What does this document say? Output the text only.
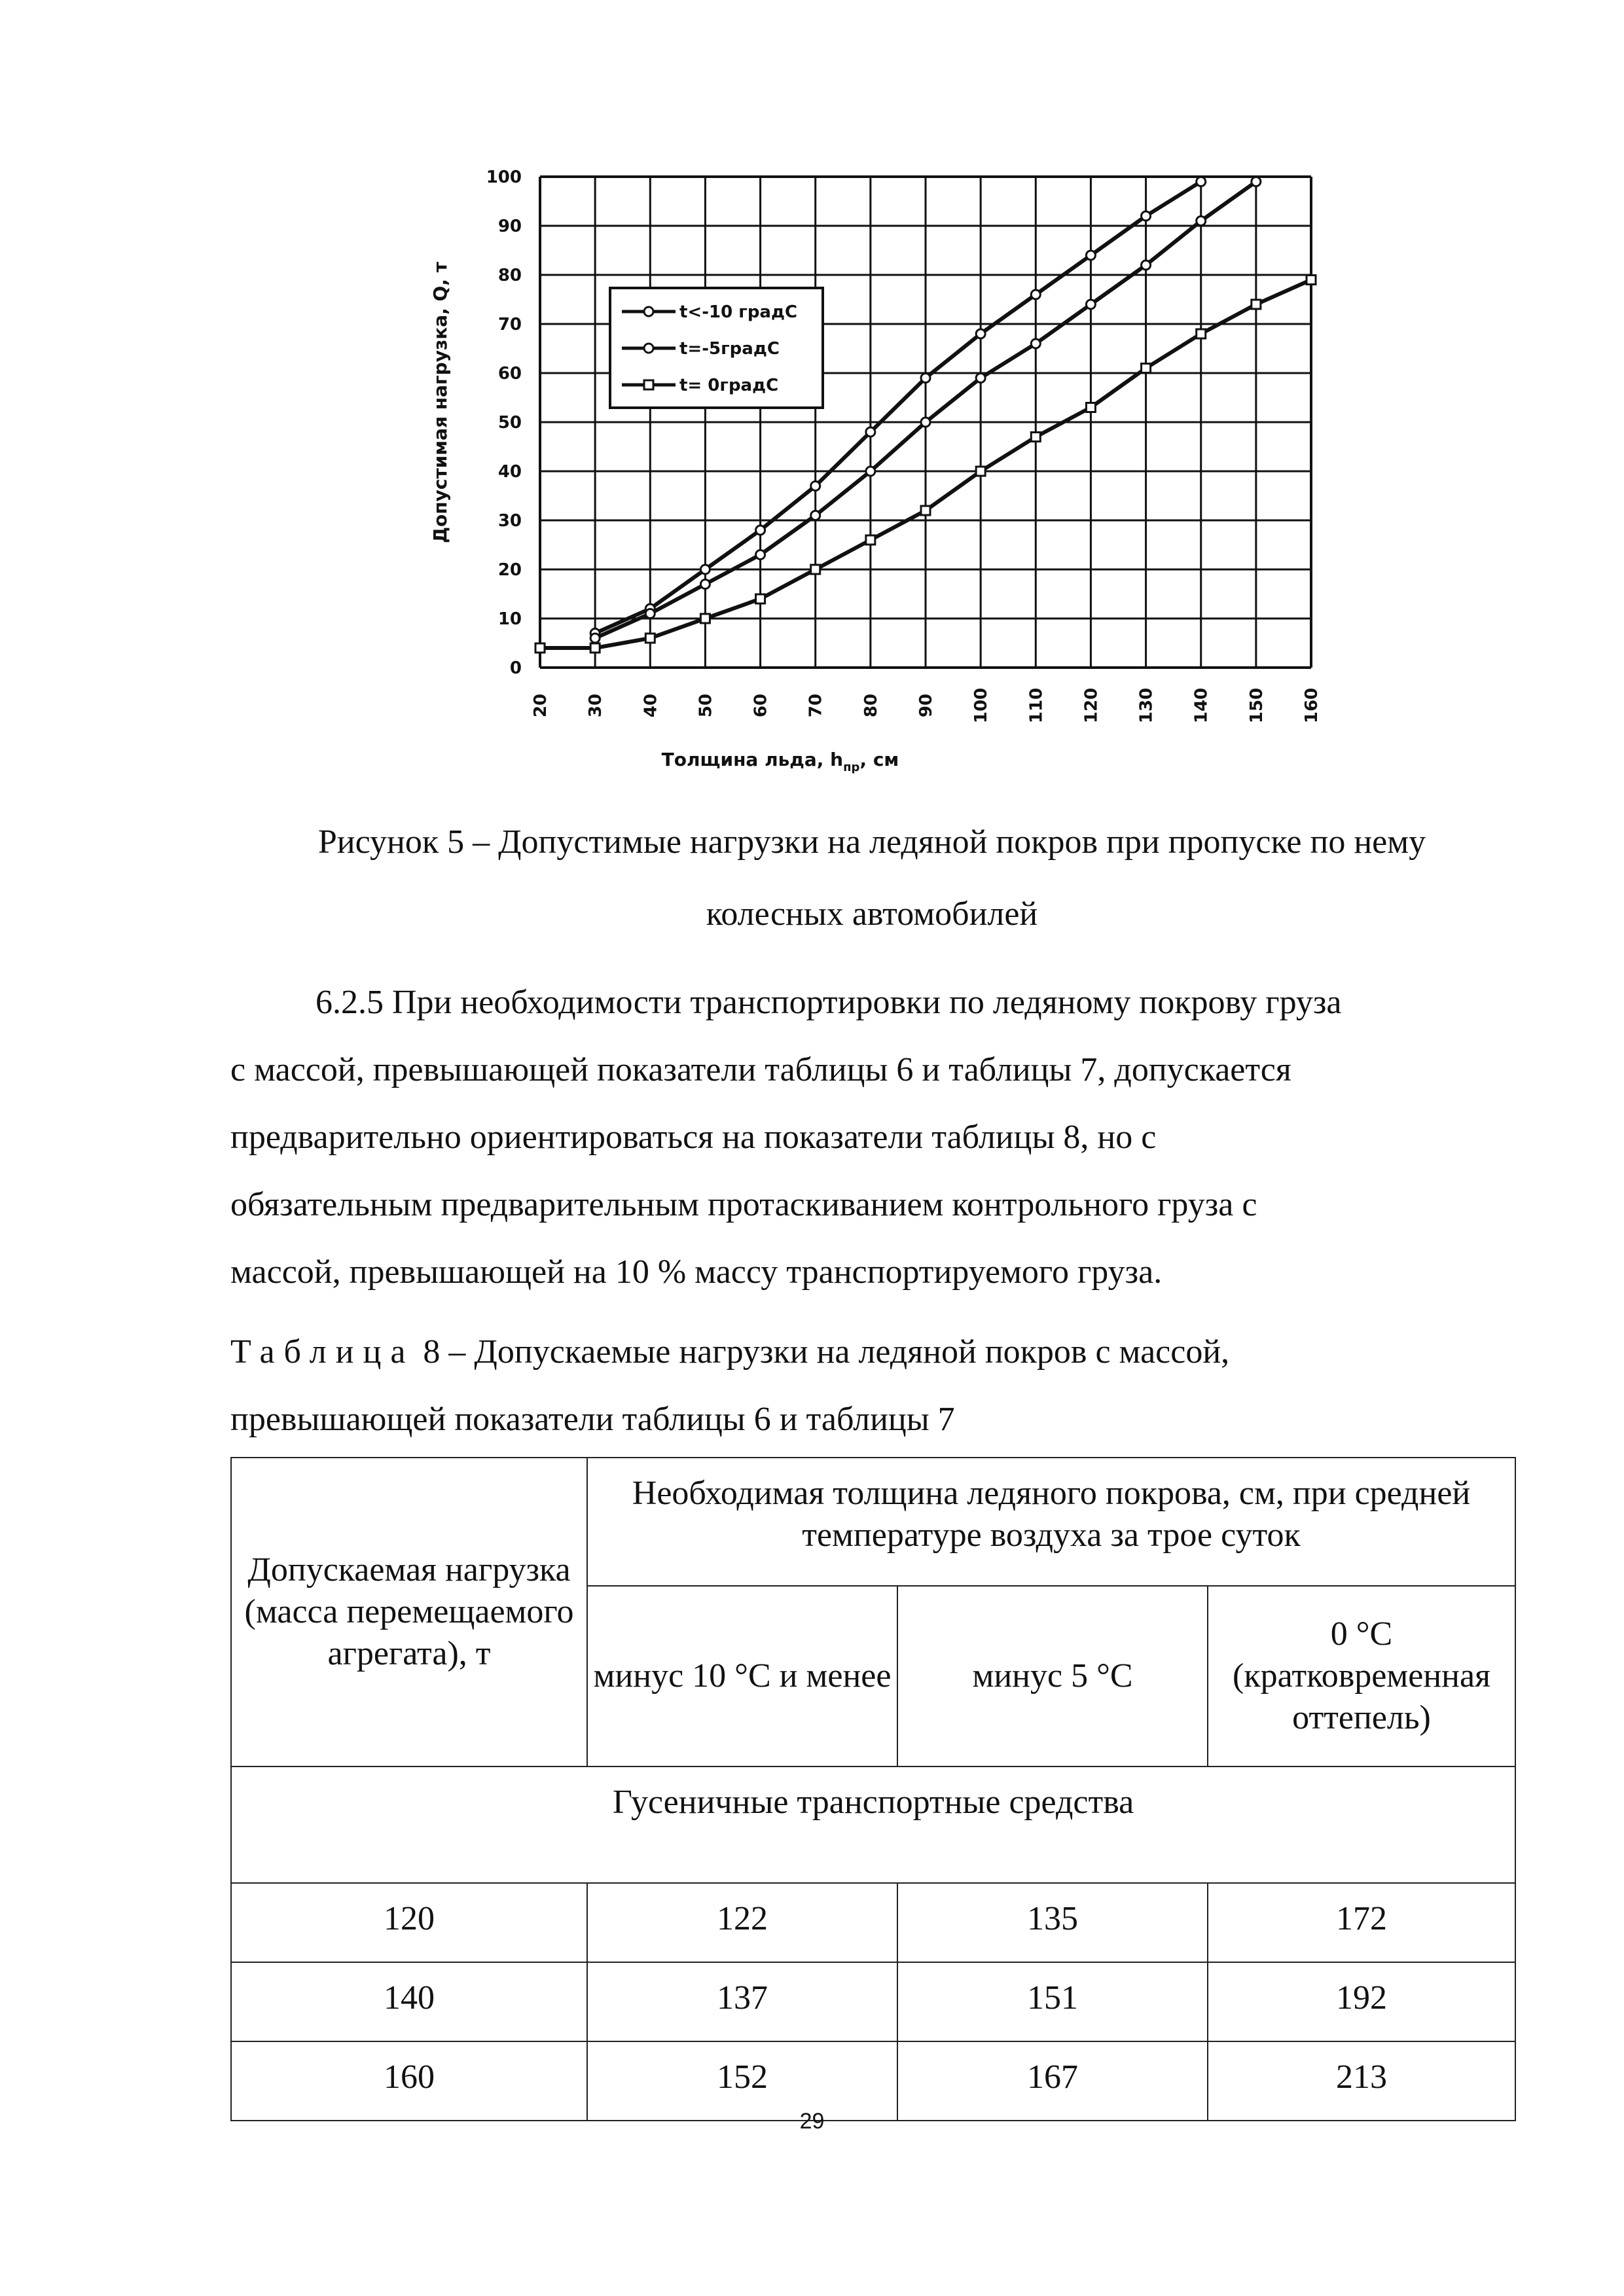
20 30 40 50 60 70 80 90 100 110 120 130 140 150 160
0
10
20
30
40
50
60
70
80
90
100
t<-10 градС
t=-5градС
t= 0градС
Допустимая нагрузка, Q, т
Толщина льда, $h_{пр}$, см
Рисунок 5 – Допустимые нагрузки на ледяной покров при пропуске по нему
колесных автомобилей
6.2.5 При необходимости транспортировки по ледяному покрову груза
с массой, превышающей показатели таблицы 6 и таблицы 7, допускается
предварительно ориентироваться на показатели таблицы 8, но с
обязательным предварительным протаскиванием контрольного груза с
массой, превышающей на 10 % массу транспортируемого груза.
Таблица 8 – Допускаемые нагрузки на ледяной покров с массой,
превышающей показатели таблицы 6 и таблицы 7
Допускаемая нагрузка (масса перемещаемого агрегата), т	Необходимая толщина ледяного покрова, см, при средней температуре воздуха за трое суток		
	минус 10 °С и менее	минус 5 °С	0 °С (кратковременная оттепель)
Гусеничные транспортные средства			
120	122	135	172
140	137	151	192
160	152	167	213
29
